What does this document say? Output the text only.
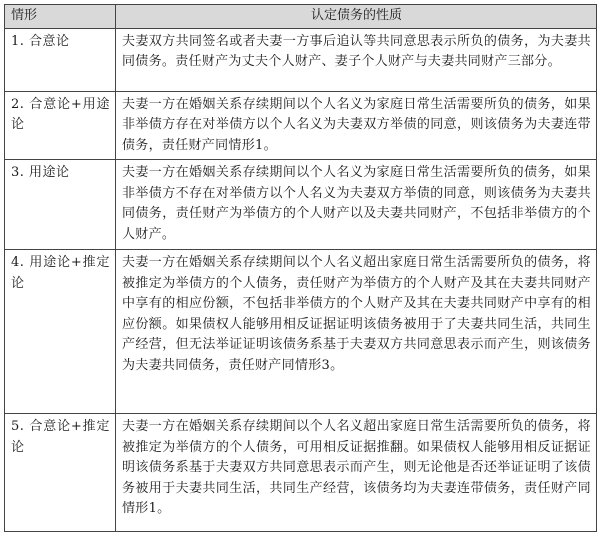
情形	认定债务的性质
1. 合意论	夫妻双方共同签名或者夫妻一方事后追认等共同意思表示所负的债务，为夫妻共同债务。责任财产为丈夫个人财产、妻子个人财产与夫妻共同财产三部分。
2. 合意论+用途论	夫妻一方在婚姻关系存续期间以个人名义为家庭日常生活需要所负的债务，如果非举债方存在对举债方以个人名义为夫妻双方举债的同意，则该债务为夫妻连带债务，责任财产同情形1。
3. 用途论	夫妻一方在婚姻关系存续期间以个人名义为家庭日常生活需要所负的债务，如果非举债方不存在对举债方以个人名义为夫妻双方举债的同意，则该债务为夫妻共同债务，责任财产为举债方的个人财产以及夫妻共同财产，不包括非举债方的个人财产。
4. 用途论+推定论	夫妻一方在婚姻关系存续期间以个人名义超出家庭日常生活需要所负的债务，将被推定为举债方的个人债务，责任财产为举债方的个人财产及其在夫妻共同财产中享有的相应份额，不包括非举债方的个人财产及其在夫妻共同财产中享有的相应份额。如果债权人能够用相反证据证明该债务被用于了夫妻共同生活，共同生产经营，但无法举证证明该债务系基于夫妻双方共同意思表示而产生，则该债务为夫妻共同债务，责任财产同情形3。
5. 合意论+推定论	夫妻一方在婚姻关系存续期间以个人名义超出家庭日常生活需要所负的债务，将被推定为举债方的个人债务，可用相反证据推翻。如果债权人能够用相反证据证明该债务系基于夫妻双方共同意思表示而产生，则无论他是否还举证证明了该债务被用于夫妻共同生活，共同生产经营，该债务均为夫妻连带债务，责任财产同情形1。
